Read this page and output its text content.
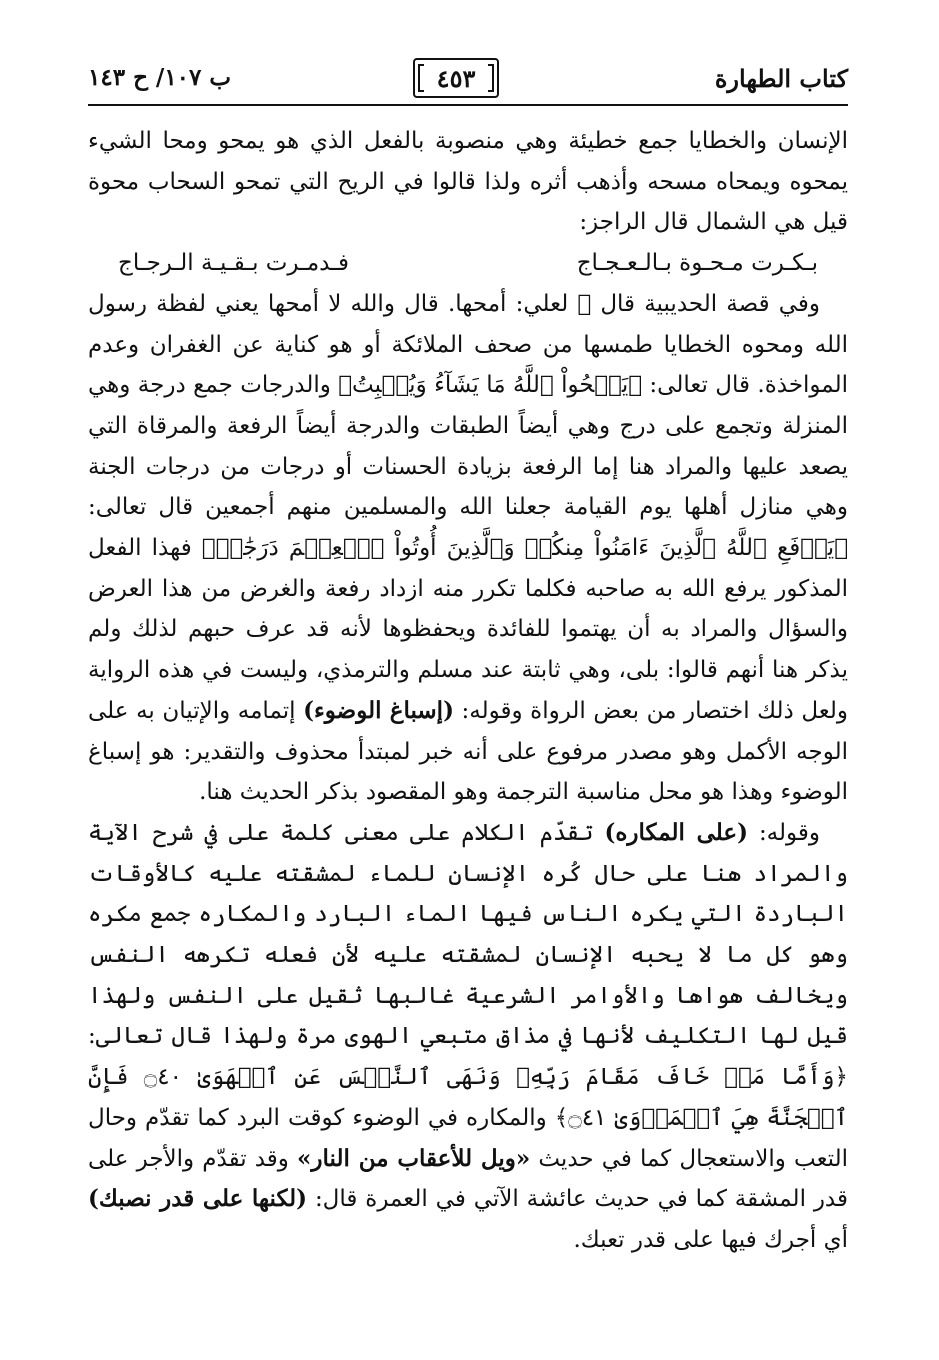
كتاب الطهارة
٤٥٣
ب ١٠٧/ ح ١٤٣

الإنسان والخطايا جمع خطيئة وهي منصوبة بالفعل الذي هو يمحو ومحا الشيء يمحوه ويمحاه مسحه وأذهب أثره ولذا قالوا في الريح التي تمحو السحاب محوة قيل هي الشمال قال الراجز:

بـكـرت مـحـوة بـالـعـجـاج
فـدمـرت بـقـيـة الـرجـاج

وفي قصة الحديبية قال ﷺ لعلي: أمحها. قال والله لا أمحها يعني لفظة رسول الله ومحوه الخطايا طمسها من صحف الملائكة أو هو كناية عن الغفران وعدم المواخذة. قال تعالى: ﴿يَمۡحُواْ ٱللَّهُ مَا يَشَآءُ وَيُثۡبِتُ﴾ والدرجات جمع درجة وهي المنزلة وتجمع على درج وهي أيضاً الطبقات والدرجة أيضاً الرفعة والمرقاة التي يصعد عليها والمراد هنا إما الرفعة بزيادة الحسنات أو درجات من درجات الجنة وهي منازل أهلها يوم القيامة جعلنا الله والمسلمين منهم أجمعين قال تعالى: ﴿يَرۡفَعِ ٱللَّهُ ٱلَّذِينَ ءَامَنُواْ مِنكُمۡ وَٱلَّذِينَ أُوتُواْ ٱلۡعِلۡمَ دَرَجَٰتٖ﴾ فهذا الفعل المذكور يرفع الله به صاحبه فكلما تكرر منه ازداد رفعة والغرض من هذا العرض والسؤال والمراد به أن يهتموا للفائدة ويحفظوها لأنه قد عرف حبهم لذلك ولم يذكر هنا أنهم قالوا: بلى، وهي ثابتة عند مسلم والترمذي، وليست في هذه الرواية ولعل ذلك اختصار من بعض الرواة وقوله: (إسباغ الوضوء) إتمامه والإتيان به على الوجه الأكمل وهو مصدر مرفوع على أنه خبر لمبتدأ محذوف والتقدير: هو إسباغ الوضوء وهذا هو محل مناسبة الترجمة وهو المقصود بذكر الحديث هنا.

وقوله: (على المكاره) تقدّم الكلام على معنى كلمة على في شرح الآية والمراد هنا على حال كُره الإنسان للماء لمشقته عليه كالأوقات الباردة التي يكره الناس فيها الماء البارد والمكاره جمع مكره وهو كل ما لا يحبه الإنسان لمشقته عليه لأن فعله تكرهه النفس ويخالف هواها والأوامر الشرعية غالبها ثقيل على النفس ولهذا قيل لها التكليف لأنها في مذاق متبعي الهوى مرة ولهذا قال تعالى: ﴿وَأَمَّا مَنۡ خَافَ مَقَامَ رَبِّهِۦ وَنَهَى ٱلنَّفۡسَ عَنِ ٱلۡهَوَىٰ ۝٤٠ فَإِنَّ ٱلۡجَنَّةَ هِيَ ٱلۡمَأۡوَىٰ ۝٤١﴾ والمكاره في الوضوء كوقت البرد كما تقدّم وحال التعب والاستعجال كما في حديث «ويل للأعقاب من النار» وقد تقدّم والأجر على قدر المشقة كما في حديث عائشة الآتي في العمرة قال: (لكنها على قدر نصبك) أي أجرك فيها على قدر تعبك.
